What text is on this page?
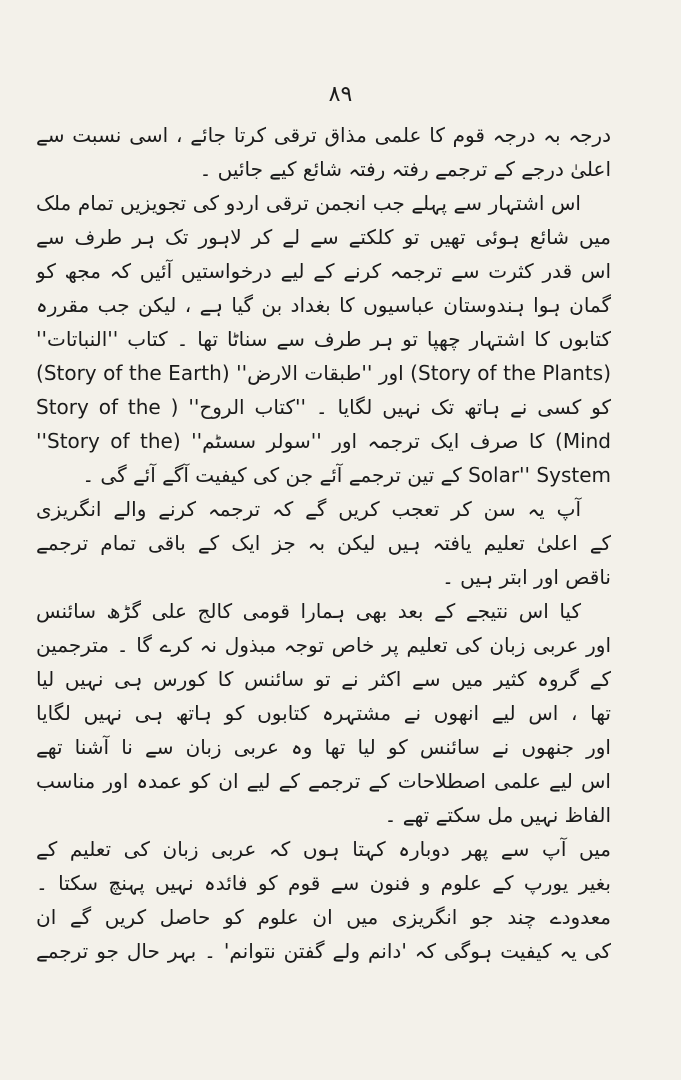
۸۹
درجہ بہ درجہ قوم کا علمی مذاق ترقی کرتا جائے ، اسی نسبت سے
اعلیٰ درجے کے ترجمے رفتہ رفتہ شائع کیے جائیں ۔
اس اشتہار سے پہلے جب انجمن ترقی اردو کی تجویزیں تمام ملک
میں شائع ہوئی تھیں تو کلکتے سے لے کر لاہور تک ہر طرف سے
اس قدر کثرت سے ترجمہ کرنے کے لیے درخواستیں آئیں کہ مجھ کو
گمان ہوا ہندوستان عباسیوں کا بغداد بن گیا ہے ، لیکن جب مقررہ
کتابوں کا اشتہار چھپا تو ہر طرف سے سناٹا تھا ۔ کتاب ''النباتات''
(Story of the Plants) اور ''طبقات الارض'' (Story of the Earth)
کو کسی نے ہاتھ تک نہیں لگایا ۔ ''کتاب الروح'' ( Story of the
Mind) کا صرف ایک ترجمہ اور ''سولر سسٹم'' (Story of the''
Solar'' System کے تین ترجمے آئے جن کی کیفیت آگے آئے گی ۔
آپ یہ سن کر تعجب کریں گے کہ ترجمہ کرنے والے انگریزی
کے اعلیٰ تعلیم یافتہ ہیں لیکن بہ جز ایک کے باقی تمام ترجمے
ناقص اور ابتر ہیں ۔
کیا اس نتیجے کے بعد بھی ہمارا قومی کالج علی گڑھ سائنس
اور عربی زبان کی تعلیم پر خاص توجہ مبذول نہ کرے گا ۔ مترجمین
کے گروہ کثیر میں سے اکثر نے تو سائنس کا کورس ہی نہیں لیا
تھا ، اس لیے انھوں نے مشتہرہ کتابوں کو ہاتھ ہی نہیں لگایا
اور جنھوں نے سائنس کو لیا تھا وہ عربی زبان سے نا آشنا تھے
اس لیے علمی اصطلاحات کے ترجمے کے لیے ان کو عمدہ اور مناسب
الفاظ نہیں مل سکتے تھے ۔
میں آپ سے پھر دوبارہ کہتا ہوں کہ عربی زبان کی تعلیم کے
بغیر یورپ کے علوم و فنون سے قوم کو فائدہ نہیں پہنچ سکتا ۔
معدودے چند جو انگریزی میں ان علوم کو حاصل کریں گے ان
کی یہ کیفیت ہوگی کہ 'دانم ولے گفتن نتوانم' ۔ بہر حال جو ترجمے
